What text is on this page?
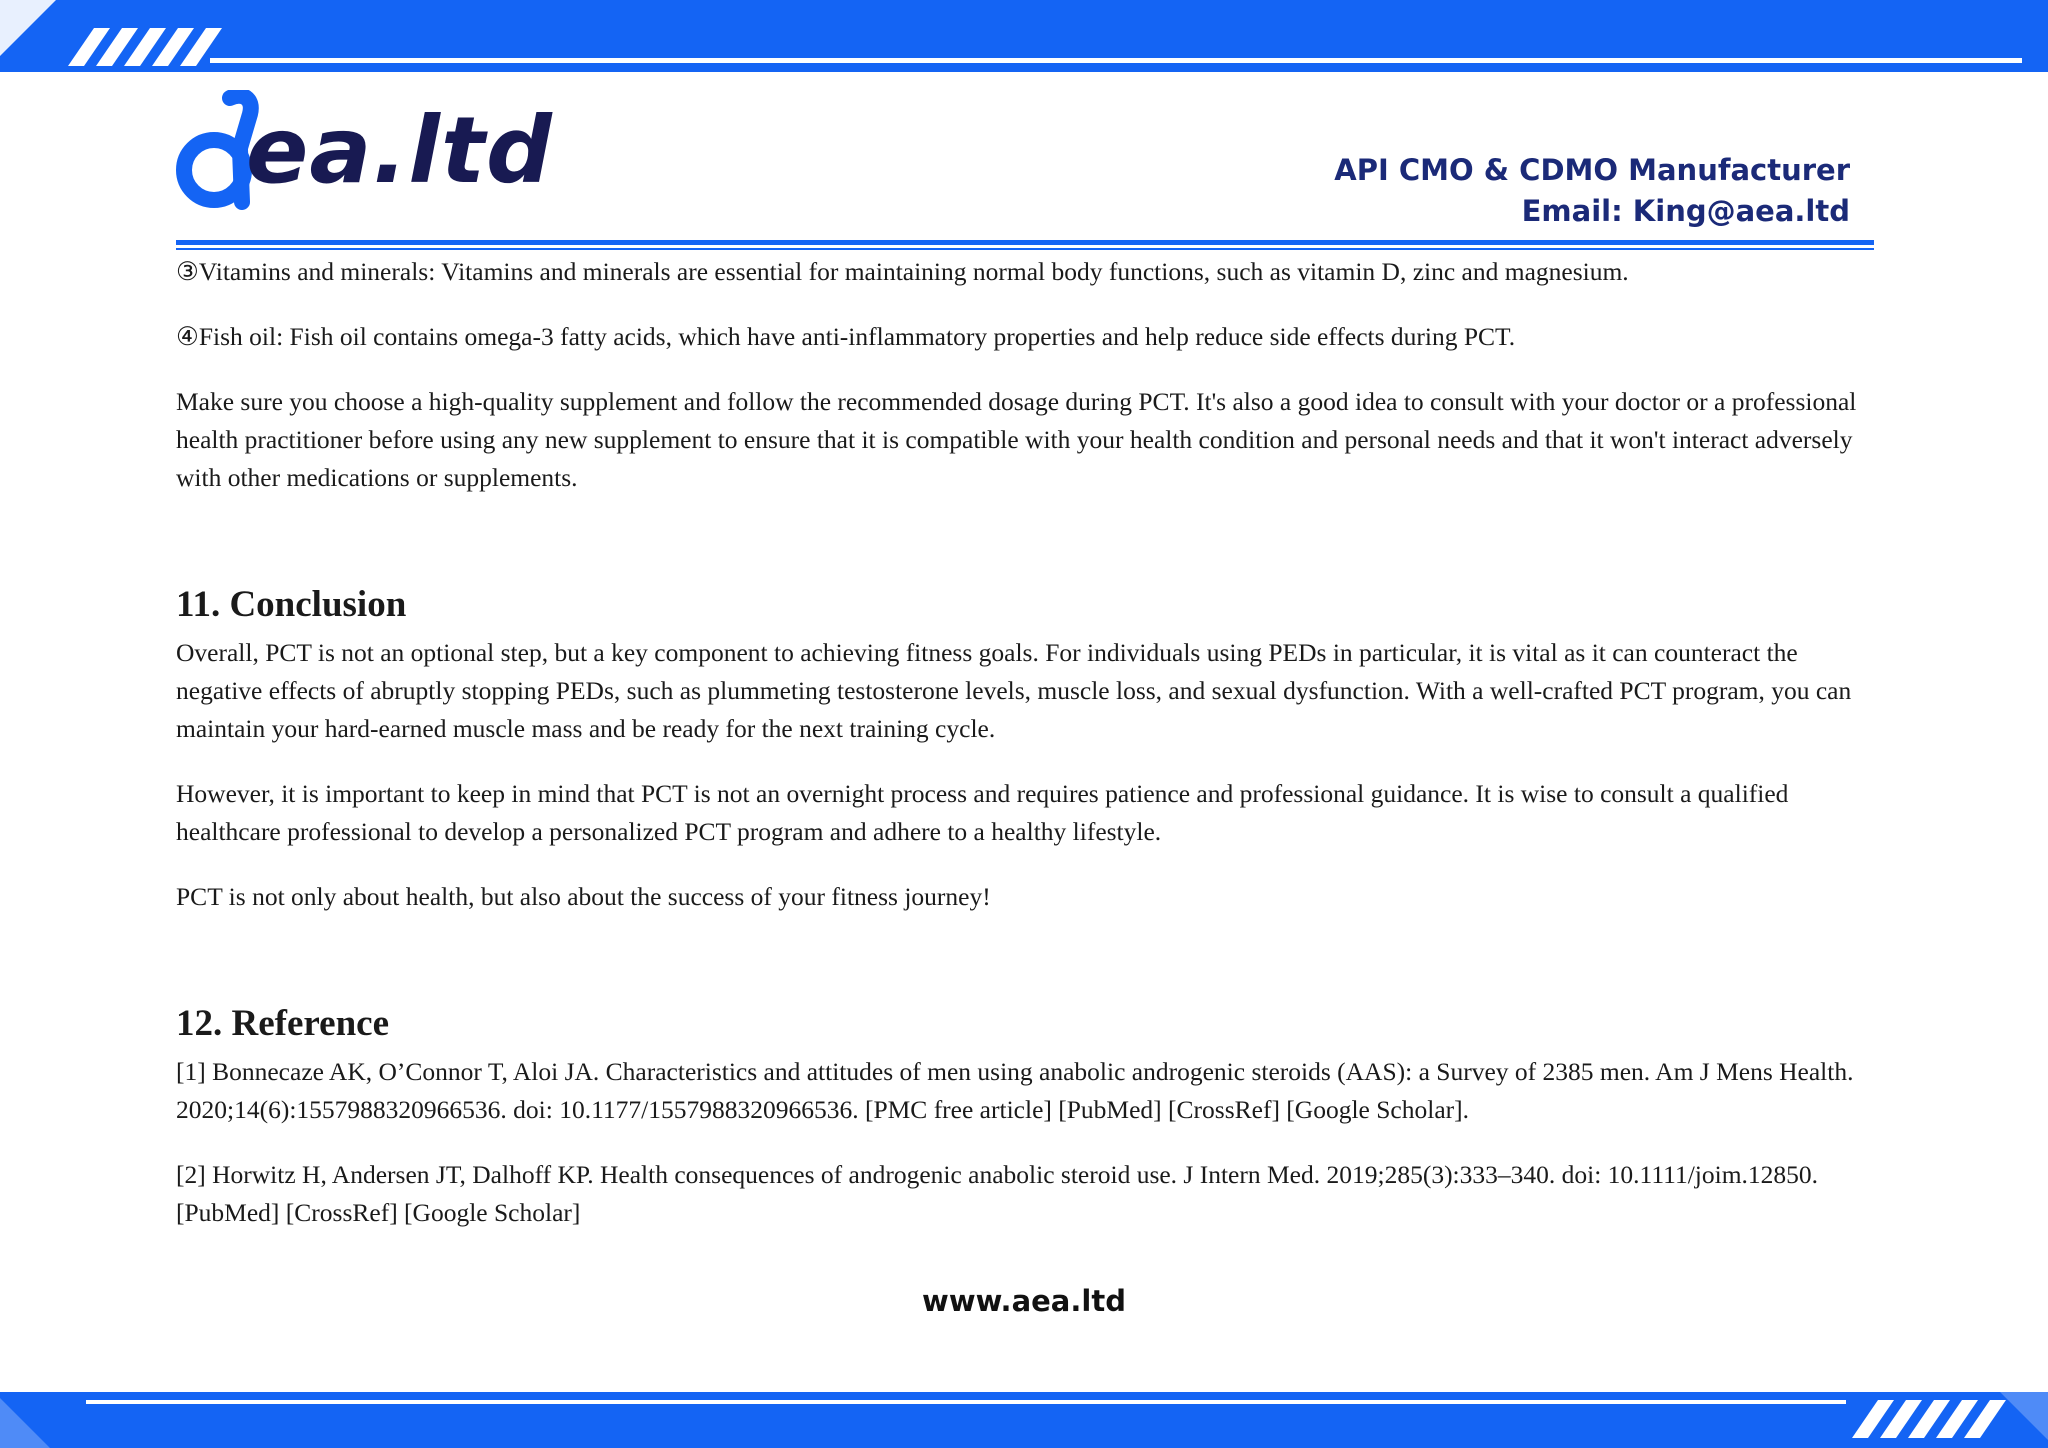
ea.ltd	API CMO & CDMO Manufacturer
Email: King@aea.ltd

③Vitamins and minerals: Vitamins and minerals are essential for maintaining normal body functions, such as vitamin D, zinc and magnesium.

④Fish oil: Fish oil contains omega-3 fatty acids, which have anti-inflammatory properties and help reduce side effects during PCT.

Make sure you choose a high-quality supplement and follow the recommended dosage during PCT. It's also a good idea to consult with your doctor or a professional health practitioner before using any new supplement to ensure that it is compatible with your health condition and personal needs and that it won't interact adversely with other medications or supplements.

11. Conclusion

Overall, PCT is not an optional step, but a key component to achieving fitness goals. For individuals using PEDs in particular, it is vital as it can counteract the negative effects of abruptly stopping PEDs, such as plummeting testosterone levels, muscle loss, and sexual dysfunction. With a well-crafted PCT program, you can maintain your hard-earned muscle mass and be ready for the next training cycle.

However, it is important to keep in mind that PCT is not an overnight process and requires patience and professional guidance. It is wise to consult a qualified healthcare professional to develop a personalized PCT program and adhere to a healthy lifestyle.

PCT is not only about health, but also about the success of your fitness journey!

12. Reference

[1] Bonnecaze AK, O’Connor T, Aloi JA. Characteristics and attitudes of men using anabolic androgenic steroids (AAS): a Survey of 2385 men. Am J Mens Health. 2020;14(6):1557988320966536. doi: 10.1177/1557988320966536. [PMC free article] [PubMed] [CrossRef] [Google Scholar].

[2] Horwitz H, Andersen JT, Dalhoff KP. Health consequences of androgenic anabolic steroid use. J Intern Med. 2019;285(3):333–340. doi: 10.1111/joim.12850. [PubMed] [CrossRef] [Google Scholar]

www.aea.ltd
